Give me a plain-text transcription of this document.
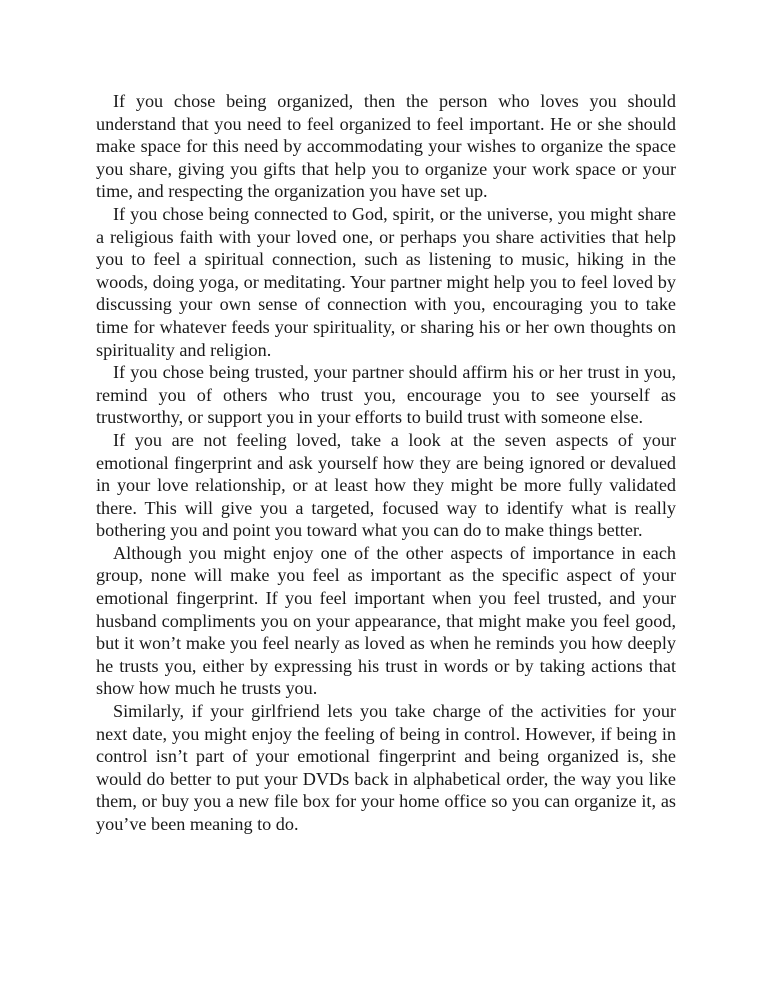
If you chose being organized, then the person who loves you should understand that you need to feel organized to feel important. He or she should make space for this need by accommodating your wishes to organize the space you share, giving you gifts that help you to organize your work space or your time, and respecting the organization you have set up.

If you chose being connected to God, spirit, or the universe, you might share a religious faith with your loved one, or perhaps you share activities that help you to feel a spiritual connection, such as listening to music, hiking in the woods, doing yoga, or meditating. Your partner might help you to feel loved by discussing your own sense of connection with you, encouraging you to take time for whatever feeds your spirituality, or sharing his or her own thoughts on spirituality and religion.

If you chose being trusted, your partner should affirm his or her trust in you, remind you of others who trust you, encourage you to see yourself as trustworthy, or support you in your efforts to build trust with someone else.

If you are not feeling loved, take a look at the seven aspects of your emotional fingerprint and ask yourself how they are being ignored or devalued in your love relationship, or at least how they might be more fully validated there. This will give you a targeted, focused way to identify what is really bothering you and point you toward what you can do to make things better.

Although you might enjoy one of the other aspects of importance in each group, none will make you feel as important as the specific aspect of your emotional fingerprint. If you feel important when you feel trusted, and your husband compliments you on your appearance, that might make you feel good, but it won’t make you feel nearly as loved as when he reminds you how deeply he trusts you, either by expressing his trust in words or by taking actions that show how much he trusts you.

Similarly, if your girlfriend lets you take charge of the activities for your next date, you might enjoy the feeling of being in control. However, if being in control isn’t part of your emotional fingerprint and being organized is, she would do better to put your DVDs back in alphabetical order, the way you like them, or buy you a new file box for your home office so you can organize it, as you’ve been meaning to do.
